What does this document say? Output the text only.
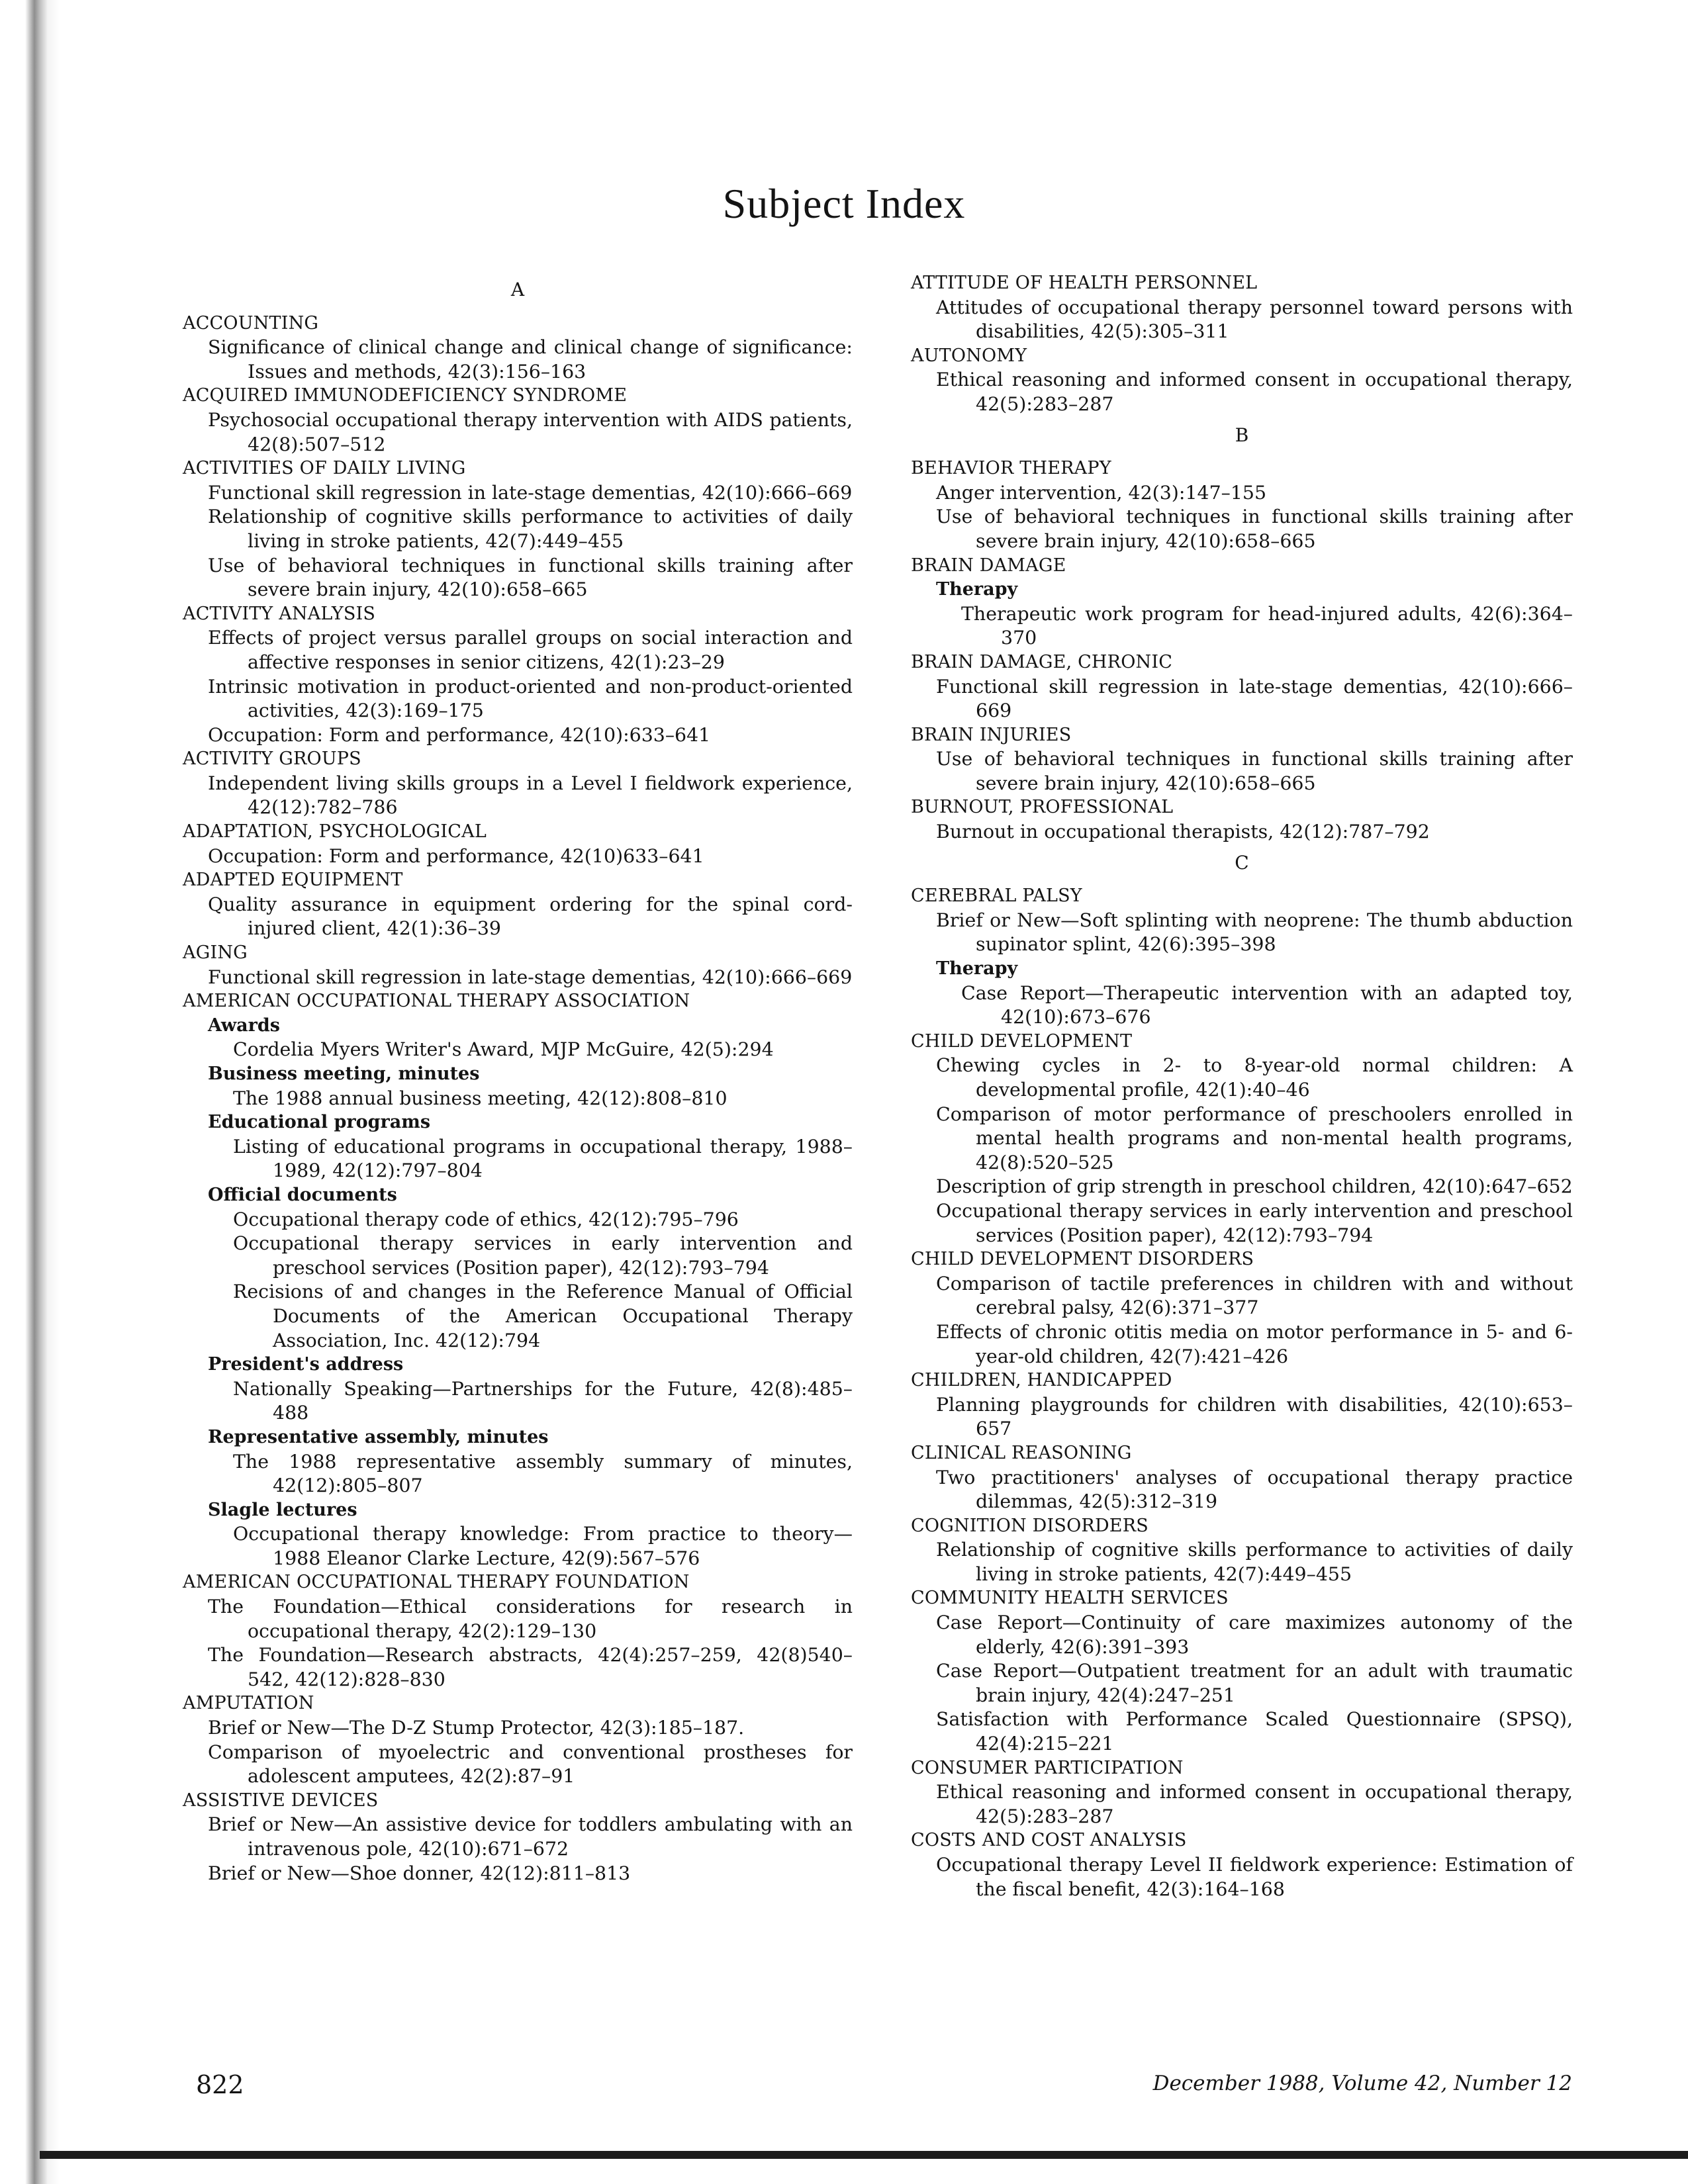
Subject Index
A
ACCOUNTING
Significance of clinical change and clinical change of significance: Issues and methods, 42(3):156–163
ACQUIRED IMMUNODEFICIENCY SYNDROME
Psychosocial occupational therapy intervention with AIDS patients, 42(8):507–512
ACTIVITIES OF DAILY LIVING
Functional skill regression in late-stage dementias, 42(10):666–669
Relationship of cognitive skills performance to activities of daily living in stroke patients, 42(7):449–455
Use of behavioral techniques in functional skills training after severe brain injury, 42(10):658–665
ACTIVITY ANALYSIS
Effects of project versus parallel groups on social interaction and affective responses in senior citizens, 42(1):23–29
Intrinsic motivation in product-oriented and non-product-oriented activities, 42(3):169–175
Occupation: Form and performance, 42(10):633–641
ACTIVITY GROUPS
Independent living skills groups in a Level I fieldwork experience, 42(12):782–786
ADAPTATION, PSYCHOLOGICAL
Occupation: Form and performance, 42(10)633–641
ADAPTED EQUIPMENT
Quality assurance in equipment ordering for the spinal cord-injured client, 42(1):36–39
AGING
Functional skill regression in late-stage dementias, 42(10):666–669
AMERICAN OCCUPATIONAL THERAPY ASSOCIATION
Awards
Cordelia Myers Writer's Award, MJP McGuire, 42(5):294
Business meeting, minutes
The 1988 annual business meeting, 42(12):808–810
Educational programs
Listing of educational programs in occupational therapy, 1988–1989, 42(12):797–804
Official documents
Occupational therapy code of ethics, 42(12):795–796
Occupational therapy services in early intervention and preschool services (Position paper), 42(12):793–794
Recisions of and changes in the Reference Manual of Official Documents of the American Occupational Therapy Association, Inc. 42(12):794
President's address
Nationally Speaking—Partnerships for the Future, 42(8):485–488
Representative assembly, minutes
The 1988 representative assembly summary of minutes, 42(12):805–807
Slagle lectures
Occupational therapy knowledge: From practice to theory—1988 Eleanor Clarke Lecture, 42(9):567–576
AMERICAN OCCUPATIONAL THERAPY FOUNDATION
The Foundation—Ethical considerations for research in occupational therapy, 42(2):129–130
The Foundation—Research abstracts, 42(4):257–259, 42(8)540–542, 42(12):828–830
AMPUTATION
Brief or New—The D-Z Stump Protector, 42(3):185–187.
Comparison of myoelectric and conventional prostheses for adolescent amputees, 42(2):87–91
ASSISTIVE DEVICES
Brief or New—An assistive device for toddlers ambulating with an intravenous pole, 42(10):671–672
Brief or New—Shoe donner, 42(12):811–813
ATTITUDE OF HEALTH PERSONNEL
Attitudes of occupational therapy personnel toward persons with disabilities, 42(5):305–311
AUTONOMY
Ethical reasoning and informed consent in occupational therapy, 42(5):283–287
B
BEHAVIOR THERAPY
Anger intervention, 42(3):147–155
Use of behavioral techniques in functional skills training after severe brain injury, 42(10):658–665
BRAIN DAMAGE
Therapy
Therapeutic work program for head-injured adults, 42(6):364–370
BRAIN DAMAGE, CHRONIC
Functional skill regression in late-stage dementias, 42(10):666–669
BRAIN INJURIES
Use of behavioral techniques in functional skills training after severe brain injury, 42(10):658–665
BURNOUT, PROFESSIONAL
Burnout in occupational therapists, 42(12):787–792
C
CEREBRAL PALSY
Brief or New—Soft splinting with neoprene: The thumb abduction supinator splint, 42(6):395–398
Therapy
Case Report—Therapeutic intervention with an adapted toy, 42(10):673–676
CHILD DEVELOPMENT
Chewing cycles in 2- to 8-year-old normal children: A developmental profile, 42(1):40–46
Comparison of motor performance of preschoolers enrolled in mental health programs and non-mental health programs, 42(8):520–525
Description of grip strength in preschool children, 42(10):647–652
Occupational therapy services in early intervention and preschool services (Position paper), 42(12):793–794
CHILD DEVELOPMENT DISORDERS
Comparison of tactile preferences in children with and without cerebral palsy, 42(6):371–377
Effects of chronic otitis media on motor performance in 5- and 6-year-old children, 42(7):421–426
CHILDREN, HANDICAPPED
Planning playgrounds for children with disabilities, 42(10):653–657
CLINICAL REASONING
Two practitioners' analyses of occupational therapy practice dilemmas, 42(5):312–319
COGNITION DISORDERS
Relationship of cognitive skills performance to activities of daily living in stroke patients, 42(7):449–455
COMMUNITY HEALTH SERVICES
Case Report—Continuity of care maximizes autonomy of the elderly, 42(6):391–393
Case Report—Outpatient treatment for an adult with traumatic brain injury, 42(4):247–251
Satisfaction with Performance Scaled Questionnaire (SPSQ), 42(4):215–221
CONSUMER PARTICIPATION
Ethical reasoning and informed consent in occupational therapy, 42(5):283–287
COSTS AND COST ANALYSIS
Occupational therapy Level II fieldwork experience: Estimation of the fiscal benefit, 42(3):164–168
822	December 1988, Volume 42, Number 12
